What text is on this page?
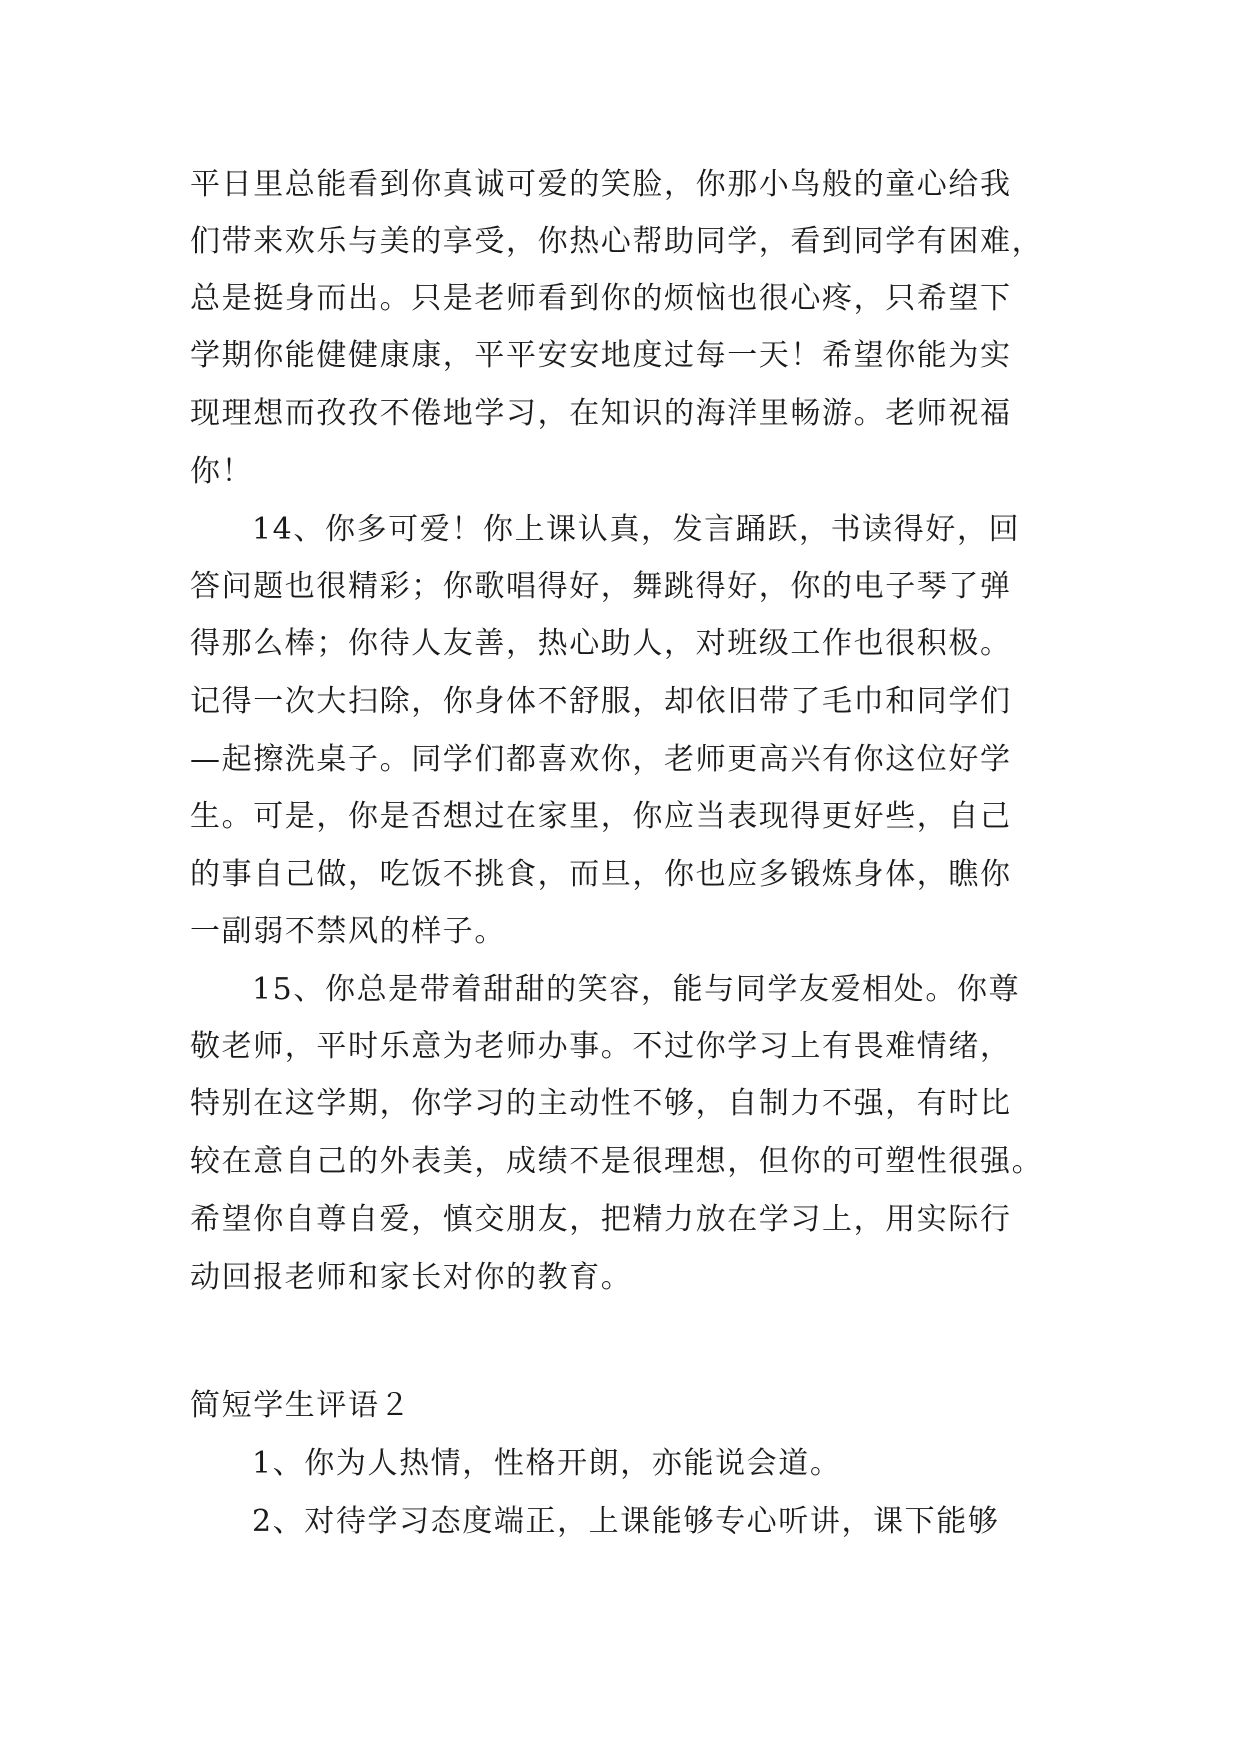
平日里总能看到你真诚可爱的笑脸，你那小鸟般的童心给我
们带来欢乐与美的享受，你热心帮助同学，看到同学有困难，
总是挺身而出。只是老师看到你的烦恼也很心疼，只希望下
学期你能健健康康，平平安安地度过每一天！希望你能为实
现理想而孜孜不倦地学习，在知识的海洋里畅游。老师祝福
你！
14、你多可爱！你上课认真，发言踊跃，书读得好，回
答问题也很精彩；你歌唱得好，舞跳得好，你的电子琴了弹
得那么棒；你待人友善，热心助人，对班级工作也很积极。
记得一次大扫除，你身体不舒服，却依旧带了毛巾和同学们
—起擦洗桌子。同学们都喜欢你，老师更高兴有你这位好学
生。可是，你是否想过在家里，你应当表现得更好些，自己
的事自己做，吃饭不挑食，而旦，你也应多锻炼身体，瞧你
一副弱不禁风的样子。
15、你总是带着甜甜的笑容，能与同学友爱相处。你尊
敬老师，平时乐意为老师办事。不过你学习上有畏难情绪，
特别在这学期，你学习的主动性不够，自制力不强，有时比
较在意自己的外表美，成绩不是很理想，但你的可塑性很强。
希望你自尊自爱，慎交朋友，把精力放在学习上，用实际行
动回报老师和家长对你的教育。
简短学生评语２
1、你为人热情，性格开朗，亦能说会道。
2、对待学习态度端正，上课能够专心听讲，课下能够
